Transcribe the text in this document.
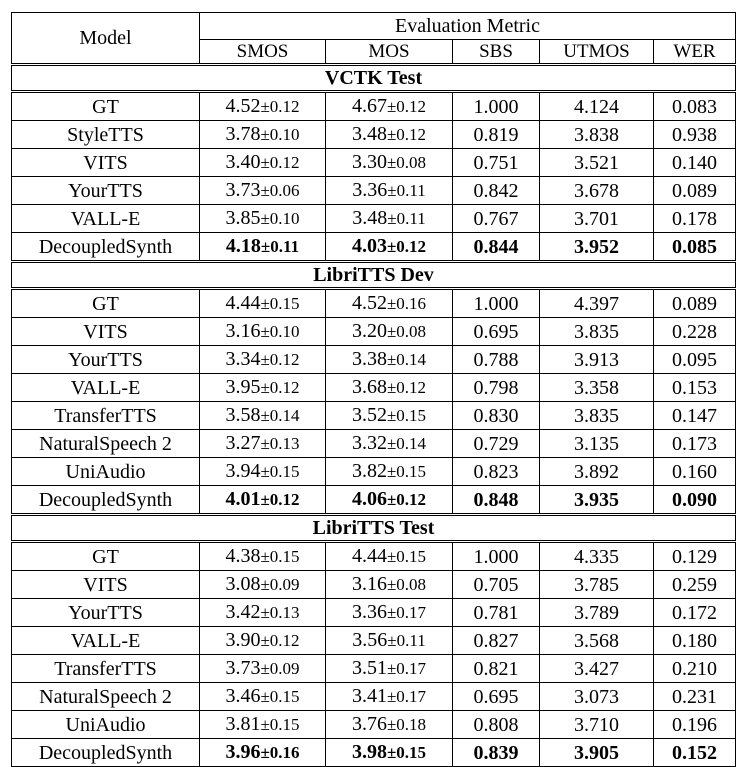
Model	Evaluation Metric				
	SMOS	MOS	SBS	UTMOS	WER
VCTK Test					
GT	4.52±0.12	4.67±0.12	1.000	4.124	0.083
StyleTTS	3.78±0.10	3.48±0.12	0.819	3.838	0.938
VITS	3.40±0.12	3.30±0.08	0.751	3.521	0.140
YourTTS	3.73±0.06	3.36±0.11	0.842	3.678	0.089
VALL-E	3.85±0.10	3.48±0.11	0.767	3.701	0.178
DecoupledSynth	4.18±0.11	4.03±0.12	0.844	3.952	0.085
LibriTTS Dev					
GT	4.44±0.15	4.52±0.16	1.000	4.397	0.089
VITS	3.16±0.10	3.20±0.08	0.695	3.835	0.228
YourTTS	3.34±0.12	3.38±0.14	0.788	3.913	0.095
VALL-E	3.95±0.12	3.68±0.12	0.798	3.358	0.153
TransferTTS	3.58±0.14	3.52±0.15	0.830	3.835	0.147
NaturalSpeech 2	3.27±0.13	3.32±0.14	0.729	3.135	0.173
UniAudio	3.94±0.15	3.82±0.15	0.823	3.892	0.160
DecoupledSynth	4.01±0.12	4.06±0.12	0.848	3.935	0.090
LibriTTS Test					
GT	4.38±0.15	4.44±0.15	1.000	4.335	0.129
VITS	3.08±0.09	3.16±0.08	0.705	3.785	0.259
YourTTS	3.42±0.13	3.36±0.17	0.781	3.789	0.172
VALL-E	3.90±0.12	3.56±0.11	0.827	3.568	0.180
TransferTTS	3.73±0.09	3.51±0.17	0.821	3.427	0.210
NaturalSpeech 2	3.46±0.15	3.41±0.17	0.695	3.073	0.231
UniAudio	3.81±0.15	3.76±0.18	0.808	3.710	0.196
DecoupledSynth	3.96±0.16	3.98±0.15	0.839	3.905	0.152
